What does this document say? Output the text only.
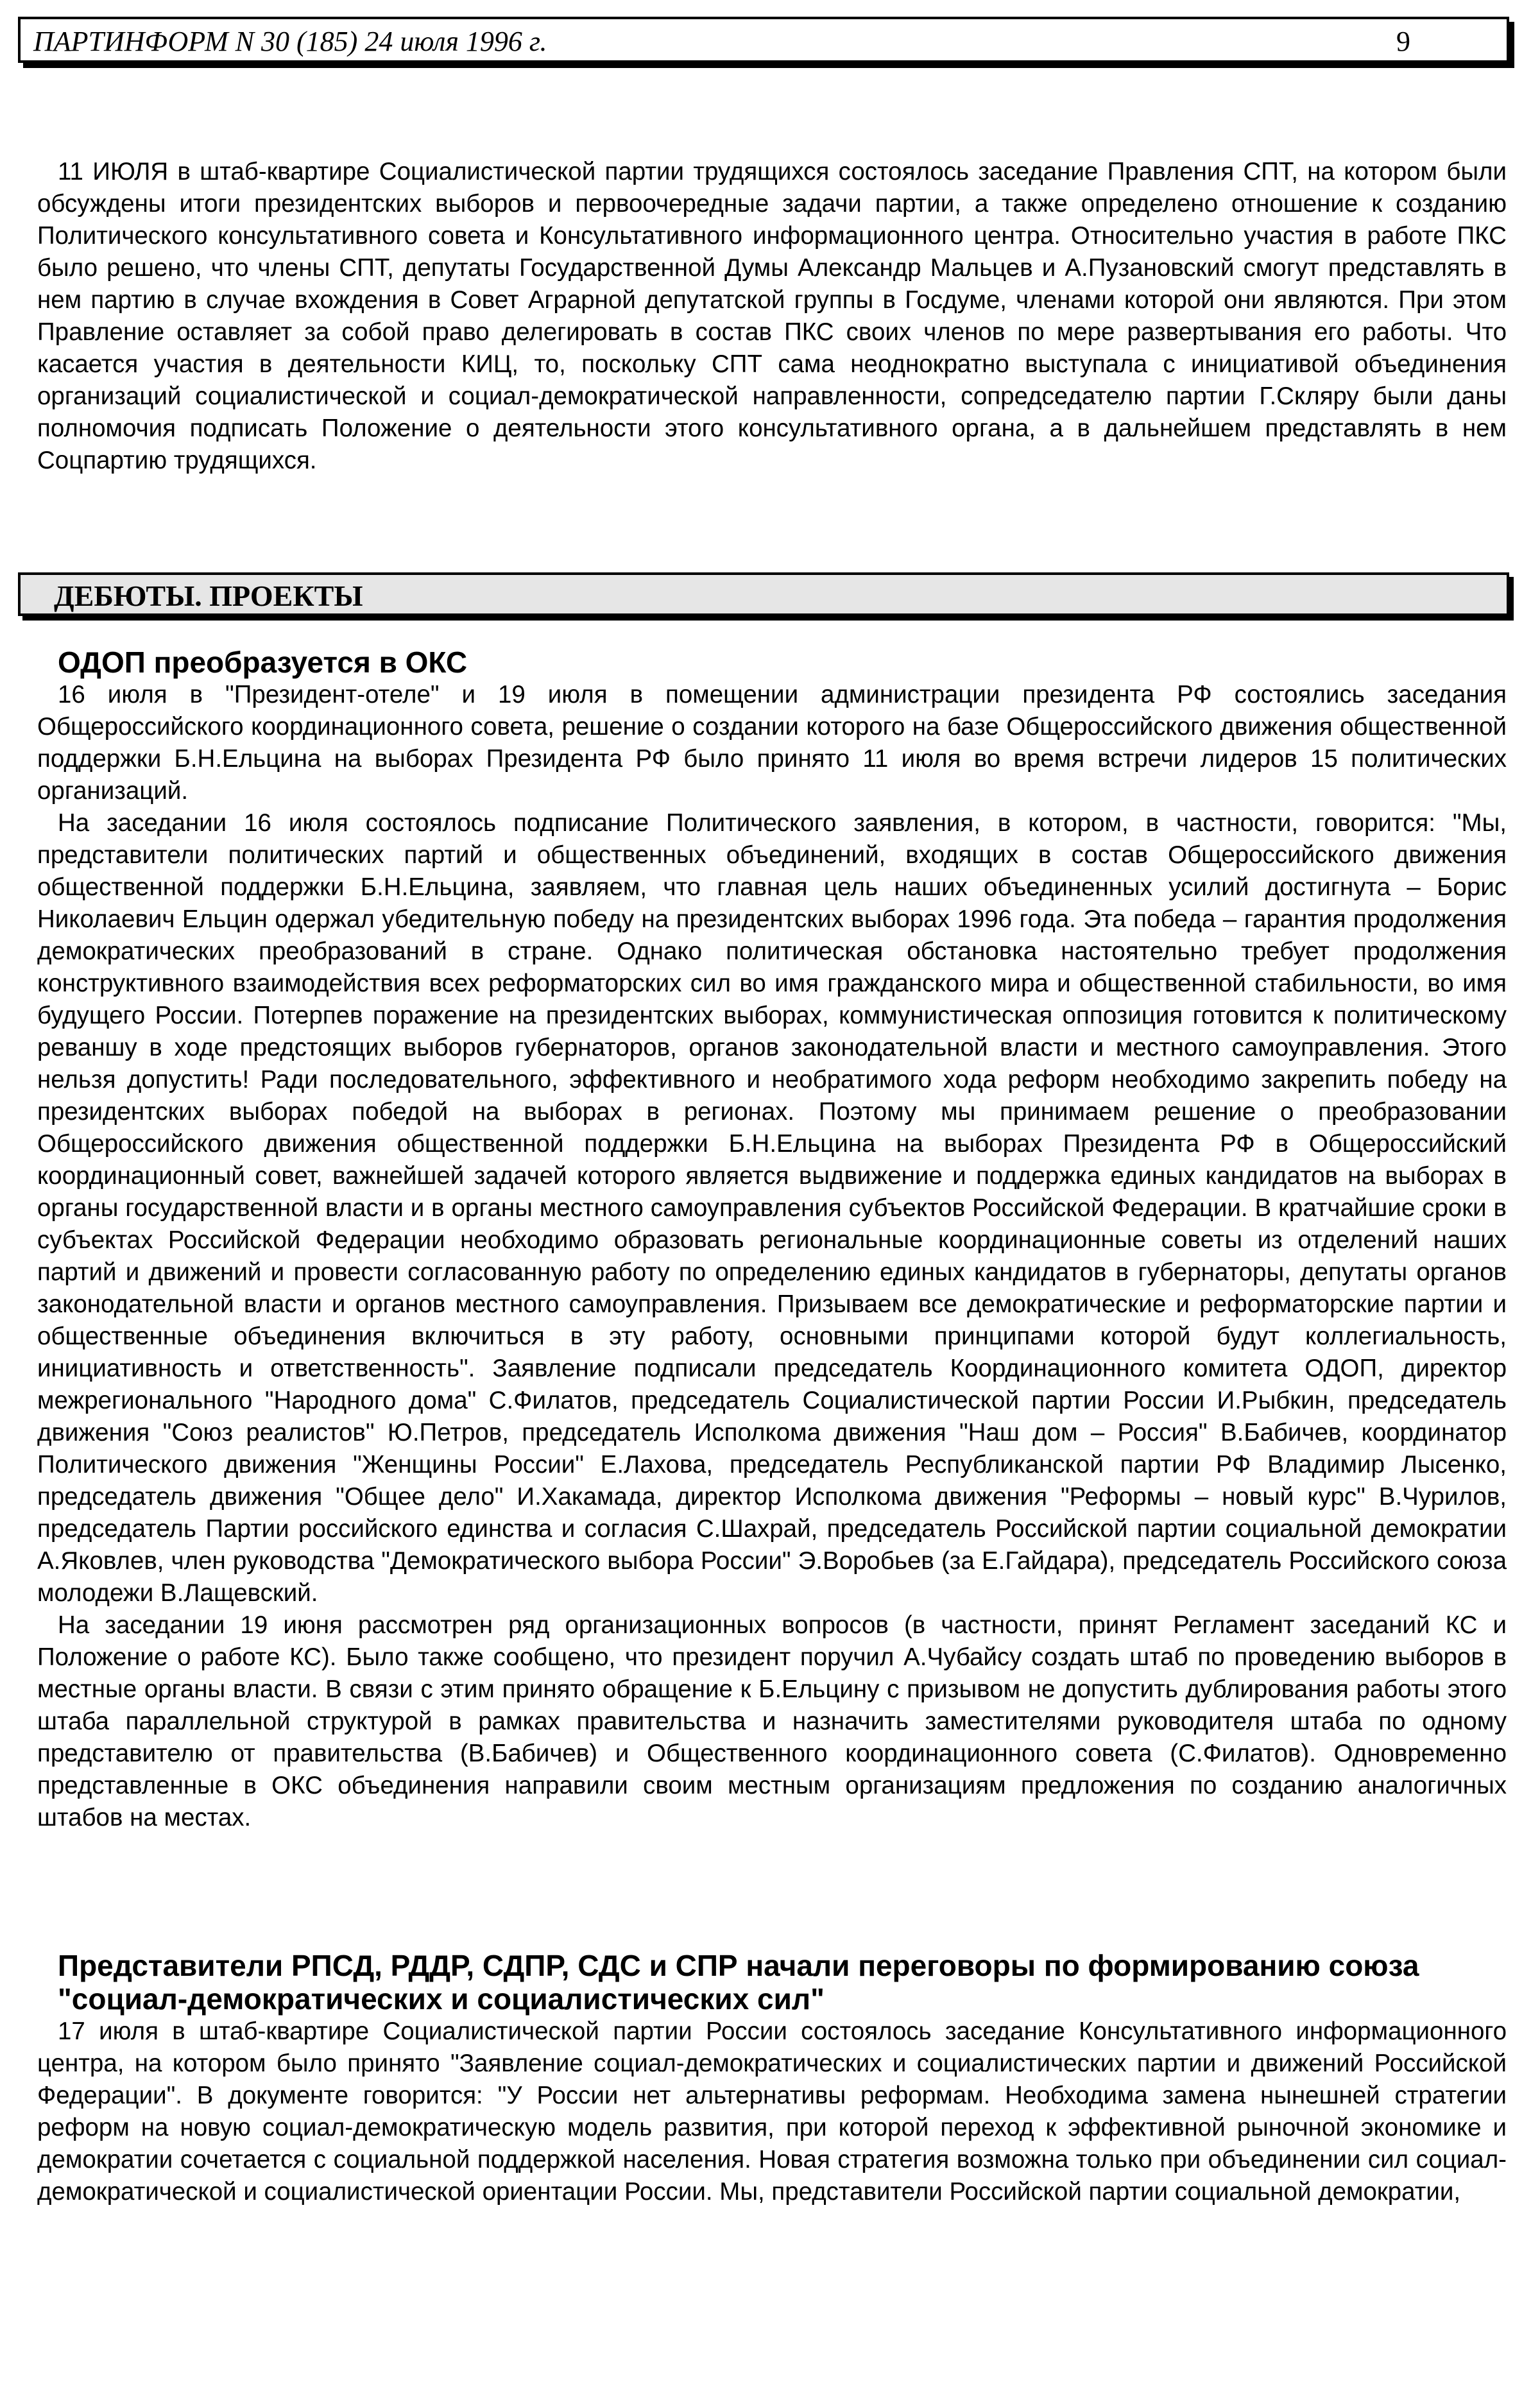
ПАРТИНФОРМ N 30 (185) 24 июля 1996 г.	9

11 ИЮЛЯ в штаб-квартире Социалистической партии трудящихся состоялось заседание Правления СПТ, на котором были обсуждены итоги президентских выборов и первоочередные задачи партии, а также определено отношение к созданию Политического консультативного совета и Консультативного информационного центра. Относительно участия в работе ПКС было решено, что члены СПТ, депутаты Государственной Думы Александр Мальцев и А.Пузановский смогут представлять в нем партию в случае вхождения в Совет Аграрной депутатской группы в Госдуме, членами которой они являются. При этом Правление оставляет за собой право делегировать в состав ПКС своих членов по мере развертывания его работы. Что касается участия в деятельности КИЦ, то, поскольку СПТ сама неоднократно выступала с инициативой объединения организаций социалистической и социал-демократической направленности, сопредседателю партии Г.Скляру были даны полномочия подписать Положение о деятельности этого консультативного органа, а в дальнейшем представлять в нем Соцпартию трудящихся.

ДЕБЮТЫ. ПРОЕКТЫ

ОДОП преобразуется в ОКС

16 июля в "Президент-отеле" и 19 июля в помещении администрации президента РФ состоялись заседания Общероссийского координационного совета, решение о создании которого на базе Общероссийского движения общественной поддержки Б.Н.Ельцина на выборах Президента РФ было принято 11 июля во время встречи лидеров 15 политических организаций.

На заседании 16 июля состоялось подписание Политического заявления, в котором, в частности, говорится: "Мы, представители политических партий и общественных объединений, входящих в состав Общероссийского движения общественной поддержки Б.Н.Ельцина, заявляем, что главная цель наших объединенных усилий достигнута – Борис Николаевич Ельцин одержал убедительную победу на президентских выборах 1996 года. Эта победа – гарантия продолжения демократических преобразований в стране. Однако политическая обстановка настоятельно требует продолжения конструктивного взаимодействия всех реформаторских сил во имя гражданского мира и общественной стабильности, во имя будущего России. Потерпев поражение на президентских выборах, коммунистическая оппозиция готовится к политическому реваншу в ходе предстоящих выборов губернаторов, органов законодательной власти и местного самоуправления. Этого нельзя допустить! Ради последовательного, эффективного и необратимого хода реформ необходимо закрепить победу на президентских выборах победой на выборах в регионах. Поэтому мы принимаем решение о преобразовании Общероссийского движения общественной поддержки Б.Н.Ельцина на выборах Президента РФ в Общероссийский координационный совет, важнейшей задачей которого является выдвижение и поддержка единых кандидатов на выборах в органы государственной власти и в органы местного самоуправления субъектов Российской Федерации. В кратчайшие сроки в субъектах Российской Федерации необходимо образовать региональные координационные советы из отделений наших партий и движений и провести согласованную работу по определению единых кандидатов в губернаторы, депутаты органов законодательной власти и органов местного самоуправления. Призываем все демократические и реформаторские партии и общественные объединения включиться в эту работу, основными принципами которой будут коллегиальность, инициативность и ответственность". Заявление подписали председатель Координационного комитета ОДОП, директор межрегионального "Народного дома" С.Филатов, председатель Социалистической партии России И.Рыбкин, председатель движения "Союз реалистов" Ю.Петров, председатель Исполкома движения "Наш дом – Россия" В.Бабичев, координатор Политического движения "Женщины России" Е.Лахова, председатель Республиканской партии РФ Владимир Лысенко, председатель движения "Общее дело" И.Хакамада, директор Исполкома движения "Реформы – новый курс" В.Чурилов, председатель Партии российского единства и согласия С.Шахрай, председатель Российской партии социальной демократии А.Яковлев, член руководства "Демократического выбора России" Э.Воробьев (за Е.Гайдара), председатель Российского союза молодежи В.Лащевский.

На заседании 19 июня рассмотрен ряд организационных вопросов (в частности, принят Регламент заседаний КС и Положение о работе КС). Было также сообщено, что президент поручил А.Чубайсу создать штаб по проведению выборов в местные органы власти. В связи с этим принято обращение к Б.Ельцину с призывом не допустить дублирования работы этого штаба параллельной структурой в рамках правительства и назначить заместителями руководителя штаба по одному представителю от правительства (В.Бабичев) и Общественного координационного совета (С.Филатов). Одновременно представленные в ОКС объединения направили своим местным организациям предложения по созданию аналогичных штабов на местах.

Представители РПСД, РДДР, СДПР, СДС и СПР начали переговоры по формированию союза "социал-демократических и социалистических сил"

17 июля в штаб-квартире Социалистической партии России состоялось заседание Консультативного информационного центра, на котором было принято "Заявление социал-демократических и социалистических партии и движений Российской Федерации". В документе говорится: "У России нет альтернативы реформам. Необходима замена нынешней стратегии реформ на новую социал-демократическую модель развития, при которой переход к эффективной рыночной экономике и демократии сочетается с социальной поддержкой населения. Новая стратегия возможна только при объединении сил социал-демократической и социалистической ориентации России. Мы, представители Российской партии социальной демократии,
